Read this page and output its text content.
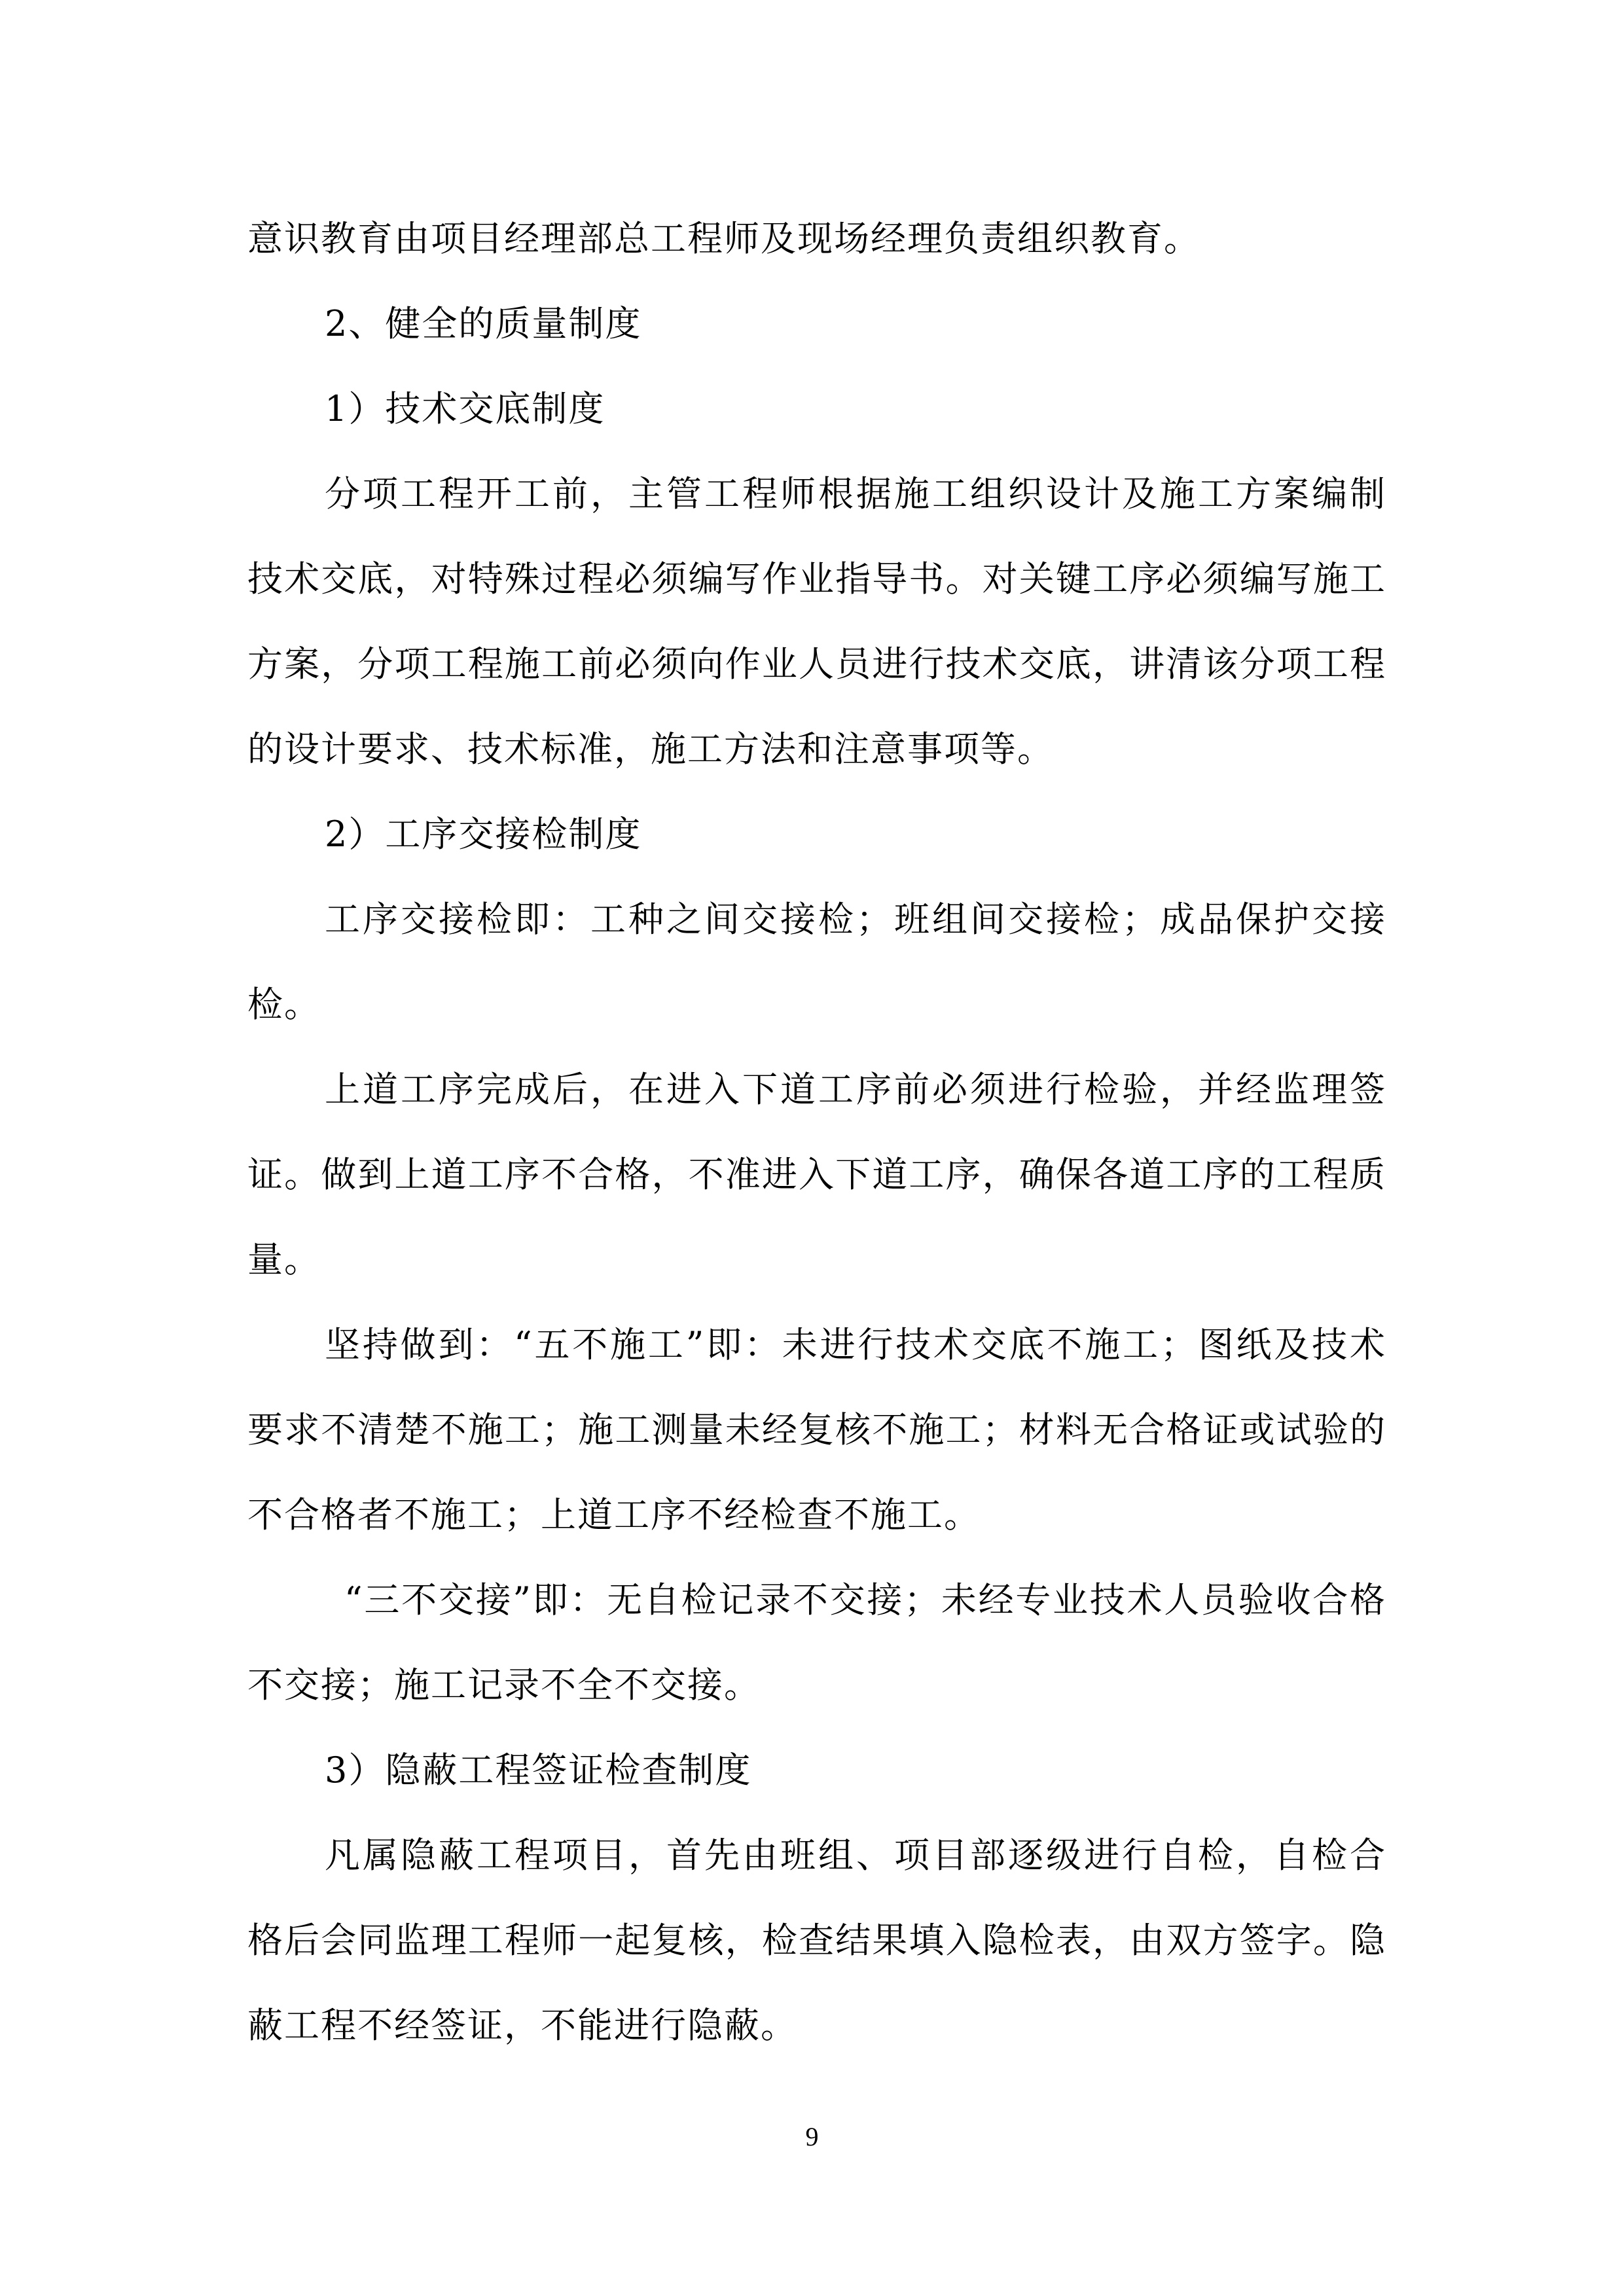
意识教育由项目经理部总工程师及现场经理负责组织教育。

2、健全的质量制度

1）技术交底制度

分项工程开工前，主管工程师根据施工组织设计及施工方案编制技术交底，对特殊过程必须编写作业指导书。对关键工序必须编写施工方案，分项工程施工前必须向作业人员进行技术交底，讲清该分项工程的设计要求、技术标准，施工方法和注意事项等。

2）工序交接检制度

工序交接检即：工种之间交接检；班组间交接检；成品保护交接检。

上道工序完成后，在进入下道工序前必须进行检验，并经监理签证。做到上道工序不合格，不准进入下道工序，确保各道工序的工程质量。

坚持做到：“五不施工”即：未进行技术交底不施工；图纸及技术要求不清楚不施工；施工测量未经复核不施工；材料无合格证或试验的不合格者不施工；上道工序不经检查不施工。

“三不交接”即：无自检记录不交接；未经专业技术人员验收合格不交接；施工记录不全不交接。

3）隐蔽工程签证检查制度

凡属隐蔽工程项目，首先由班组、项目部逐级进行自检，自检合格后会同监理工程师一起复核，检查结果填入隐检表，由双方签字。隐蔽工程不经签证，不能进行隐蔽。

9
